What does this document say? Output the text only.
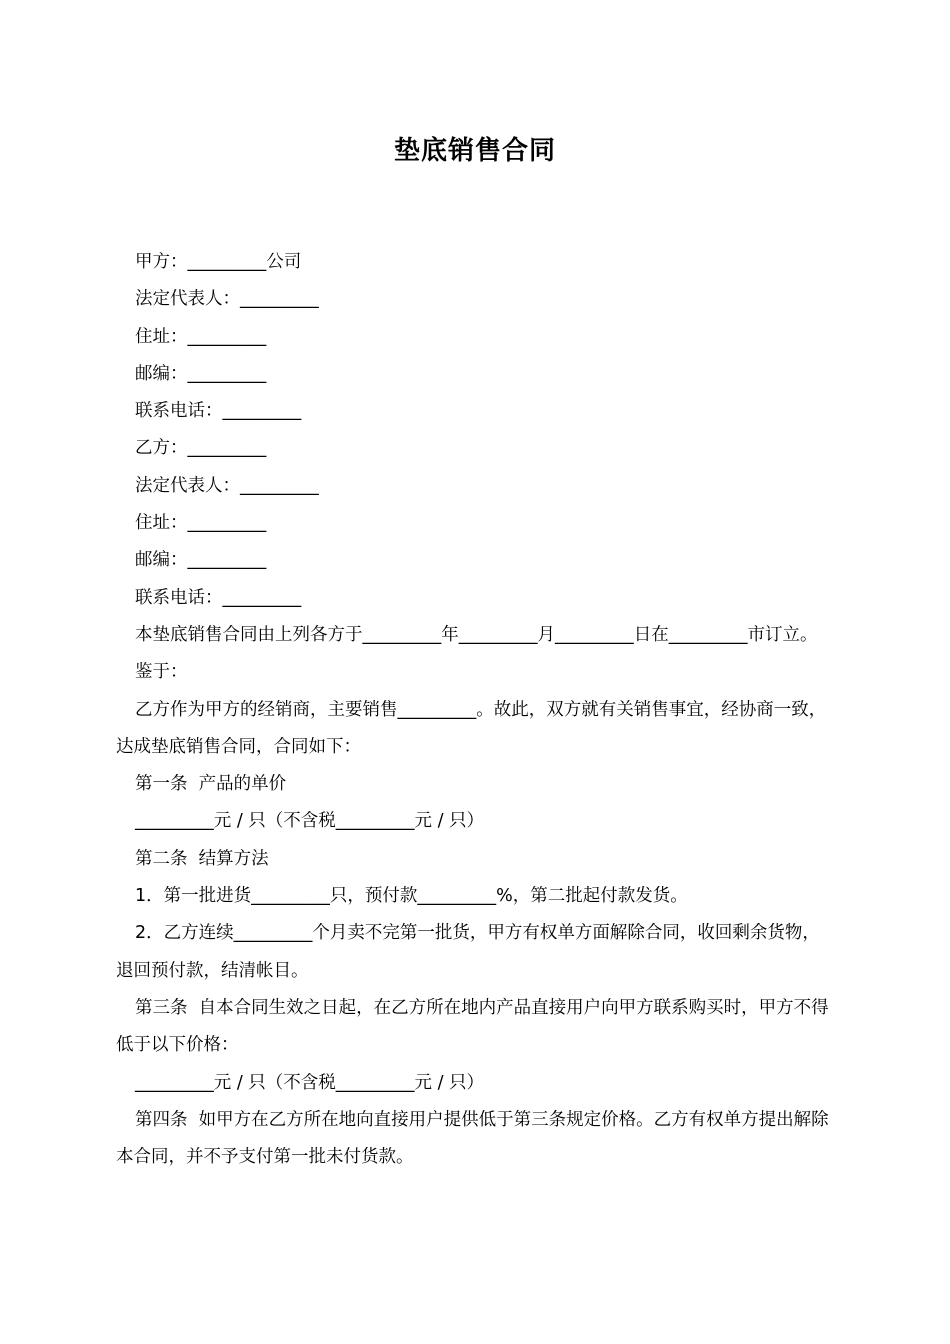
垫底销售合同

甲方：_________公司

法定代表人：_________

住址：_________

邮编：_________

联系电话：_________

乙方：_________

法定代表人：_________

住址：_________

邮编：_________

联系电话：_________

本垫底销售合同由上列各方于_________年_________月_________日在_________市订立。

鉴于：

乙方作为甲方的经销商，主要销售_________。故此，双方就有关销售事宜，经协商一致，达成垫底销售合同，合同如下：

第一条  产品的单价

_________元 / 只（不含税_________元 / 只）

第二条  结算方法

1．第一批进货_________只，预付款_________%，第二批起付款发货。

2．乙方连续_________个月卖不完第一批货，甲方有权单方面解除合同，收回剩余货物，退回预付款，结清帐目。

第三条  自本合同生效之日起，在乙方所在地内产品直接用户向甲方联系购买时，甲方不得低于以下价格：

_________元 / 只（不含税_________元 / 只）

第四条  如甲方在乙方所在地向直接用户提供低于第三条规定价格。乙方有权单方提出解除本合同，并不予支付第一批未付货款。
